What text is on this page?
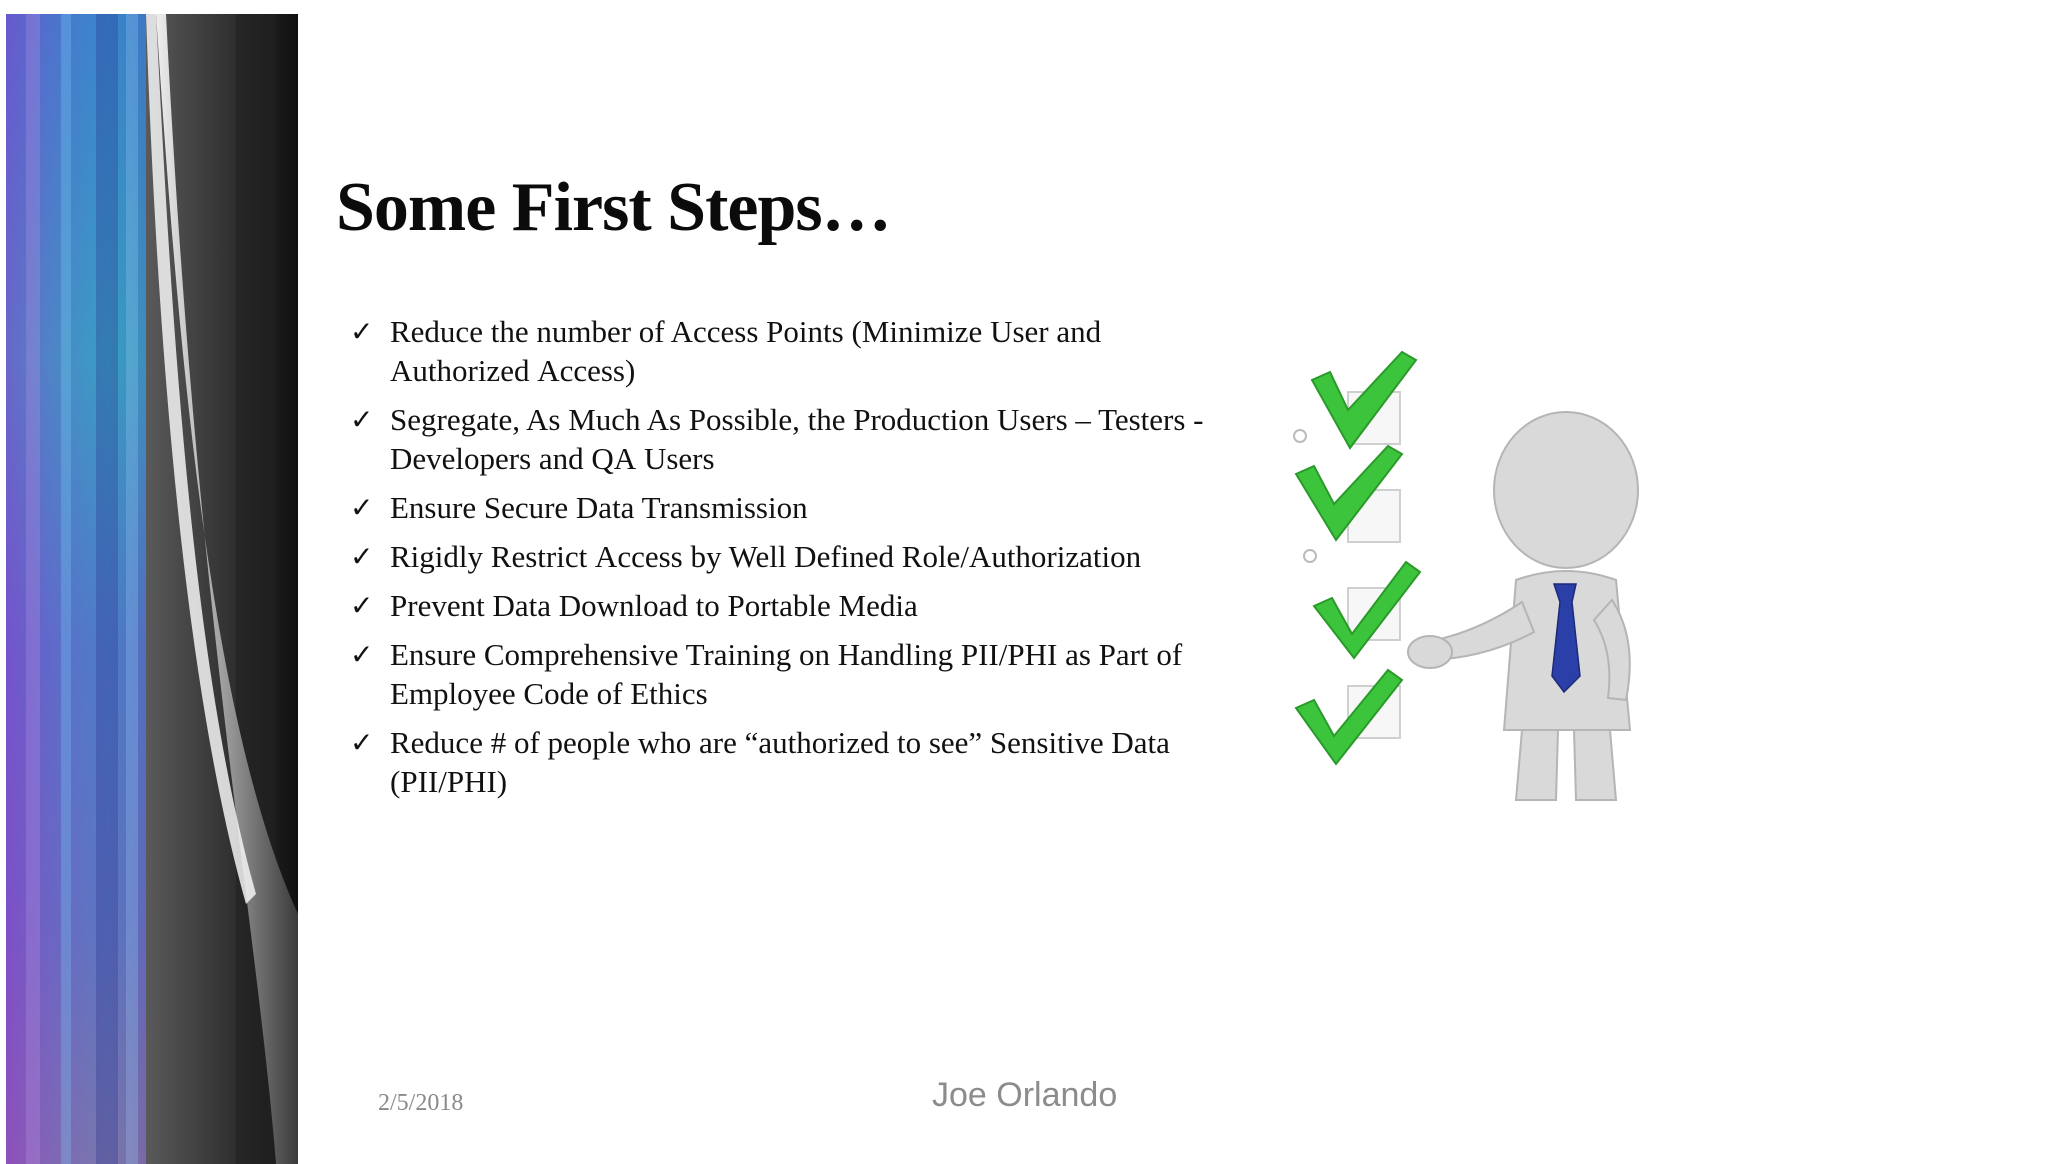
Some First Steps…
✓ Reduce the number of Access Points (Minimize User and Authorized Access)
✓ Segregate, As Much As Possible, the Production Users – Testers - Developers and QA Users
✓ Ensure Secure Data Transmission
✓ Rigidly Restrict Access by Well Defined Role/Authorization
✓ Prevent Data Download to Portable Media
✓ Ensure Comprehensive Training on Handling PII/PHI as Part of Employee Code of Ethics
✓ Reduce # of people who are “authorized to see” Sensitive Data (PII/PHI)
2/5/2018	Joe Orlando
